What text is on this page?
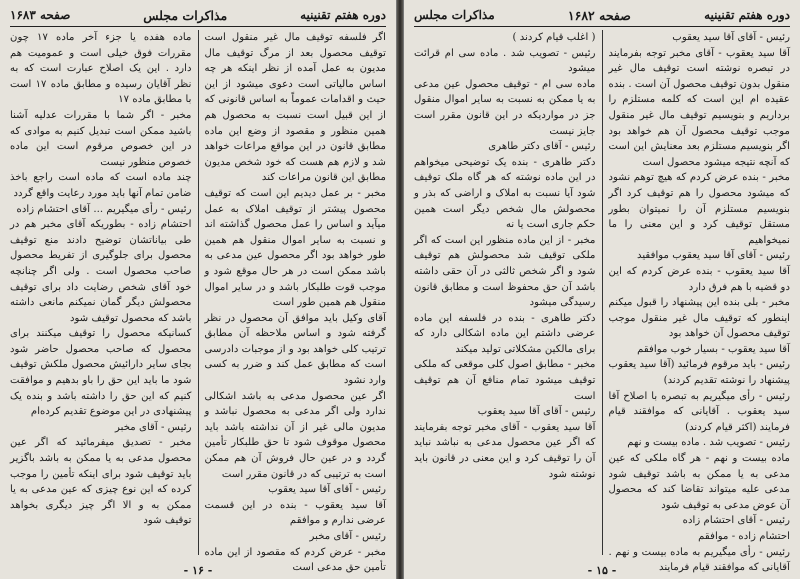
دوره هفتم تقنینیه
مذاکرات مجلس
صفحه ۱۶۸۳

اگر فلسفه توقیف مال غیر منقول است توقیف محصول بعد از مرگ توقیف مال مدیون به عمل آمده از نظر اینکه هر چه اساس مالیاتی است دعوی میشود از این حیث و اقدامات عموماً به اساس قانونی که از این قبیل است نسبت به محصول هم همین منظور و مقصود از وضع این ماده مطابق قانون در این مواقع مراعات خواهد شد و لازم هم هست که خود شخص مدیون مطابق این قانون مراعات کند

مخبر - بر عمل دیدیم این است که توقیف محصول پیشتر از توقیف املاک به عمل میآید و اساس را عمل محصول گذاشته اند و نسبت به سایر اموال منقول هم همین طور خواهد بود اگر محصول عین مدعی به باشد ممکن است در هر حال موقع شود و موجب قوت طلبکار باشد و در سایر اموال منقول هم همین طور است

آقای وکیل باید موافق آن محصول در نظر گرفته شود و اساس ملاحظه آن مطابق ترتیب کلی خواهد بود و از موجبات دادرسی است که مطابق عمل کند و ضرر به کسی وارد نشود

اگر عین محصول مدعی به باشد اشکالی ندارد ولی اگر مدعی به محصول نباشد و مدیون مالی غیر از آن نداشته باشد باید محصول موقوف شود تا حق طلبکار تأمین گردد و در عین حال فروش آن هم ممکن است به ترتیبی که در قانون مقرر است

رئیس - آقای آقا سید یعقوب

آقا سید یعقوب - بنده در این قسمت عرضی ندارم و موافقم

رئیس - آقای مخبر

مخبر - عرض کردم که مقصود از این ماده تأمین حق مدعی است

ماده هفده یا جزء آخر ماده ۱۷ چون مقررات فوق خیلی است و عمومیت هم دارد . این یک اصلاح عبارت است که به نظر آقایان رسیده و مطابق ماده ۱۷ است با مطابق ماده ۱۷

مخبر - اگر شما با مقررات عدلیه آشنا باشید ممکن است تبدیل کنیم به موادی که در این خصوص مرقوم است این ماده خصوص منظور نیست

چند ماده است که ماده است راجع باخذ ضامن تمام آنها باید مورد رعایت واقع گردد

رئیس - رأی میگیریم ... آقای احتشام زاده

احتشام زاده - بطوریکه آقای مخبر هم در طی بیاناتشان توضیح دادند منع توقیف محصول برای جلوگیری از تفریط محصول صاحب محصول است . ولی اگر چنانچه خود آقای شخص رضایت داد برای توقیف محصولش دیگر گمان نمیکنم مانعی داشته باشد که محصول توقیف شود

کسانیکه محصول را توقیف میکنند برای محصول که صاحب محصول حاضر شود بجای سایر دارائیش محصول ملکش توقیف شود ما باید این حق را باو بدهیم و موافقت کنیم که این حق را داشته باشد و بنده یک پیشنهادی در این موضوع تقدیم کرده‌ام

رئیس - آقای مخبر

مخبر - تصدیق میفرمائید که اگر عین محصول مدعی به یا ممکن به باشد باگزیر باید توقیف شود برای اینکه تأمین را موجب کرده که این نوع چیزی که عین مدعی به یا ممکن به و الا اگر چیز دیگری بخواهد توقیف شود

- ۱۶ -
دوره هفتم تقنینیه
صفحه ۱۶۸۲
مذاکرات مجلس

رئیس - آقای آقا سید یعقوب

آقا سید یعقوب - آقای مخبر توجه بفرمایند در تبصره نوشته است توقیف مال غیر منقول بدون توقیف محصول آن است . بنده عقیده ام این است که کلمه مستلزم را برداریم و بنویسیم توقیف مال غیر منقول موجب توقیف محصول آن هم خواهد بود اگر بنویسیم مستلزم بعد معنایش این است که آنچه نتیجه میشود محصول است

مخبر - بنده عرض کردم که هیچ توهم نشود که میشود محصول را هم توقیف کرد اگر بنویسیم مستلزم آن را نمیتوان بطور مستقل توقیف کرد و این معنی را ما نمیخواهیم

رئیس - آقای آقا سید یعقوب موافقید

آقا سید یعقوب - بنده عرض کردم که این دو قضیه با هم فرق دارد

مخبر - بلی بنده این پیشنهاد را قبول میکنم اینطور که توقیف مال غیر منقول موجب توقیف محصول آن خواهد بود

آقا سید یعقوب - بسیار خوب موافقم

رئیس - باید مرقوم فرمائید (آقا سید یعقوب پیشنهاد را نوشته تقدیم کردند)

رئیس - رأی میگیریم به تبصره با اصلاح آقا سید یعقوب . آقایانی که موافقند قیام فرمایند (اکثر قیام کردند)

رئیس - تصویب شد . ماده بیست و نهم

ماده بیست و نهم - هر گاه ملکی که عین مدعی به یا ممکن به باشد توقیف شود مدعی علیه میتواند تقاضا کند که محصول آن عوض مدعی به توقیف شود

رئیس - آقای احتشام زاده

احتشام زاده - موافقم

رئیس - رأی میگیریم به ماده بیست و نهم . آقایانی که موافقند قیام فرمایند

( اغلب قیام کردند )

رئیس - تصویب شد . ماده سی ام قرائت میشود

ماده سی ام - توقیف محصول عین مدعی به یا ممکن به نسبت به سایر اموال منقول جز در مواردیکه در این قانون مقرر است جایز نیست

رئیس - آقای دکتر طاهری

دکتر طاهری - بنده یک توضیحی میخواهم در این ماده نوشته که هر گاه ملک توقیف شود آیا نسبت به املاک و اراضی که بذر و محصولش مال شخص دیگر است همین حکم جاری است یا نه

مخبر - از این ماده منظور این است که اگر ملکی توقیف شد محصولش هم توقیف شود و اگر شخص ثالثی در آن حقی داشته باشد آن حق محفوظ است و مطابق قانون رسیدگی میشود

دکتر طاهری - بنده در فلسفه این ماده عرضی داشتم این ماده اشکالی دارد که برای مالکین مشکلاتی تولید میکند

مخبر - مطابق اصول کلی موقعی که ملکی توقیف میشود تمام منافع آن هم توقیف است

رئیس - آقای آقا سید یعقوب

آقا سید یعقوب - آقای مخبر توجه بفرمایند که اگر عین محصول مدعی به نباشد نباید آن را توقیف کرد و این معنی در قانون باید نوشته شود

- ۱۵ -
